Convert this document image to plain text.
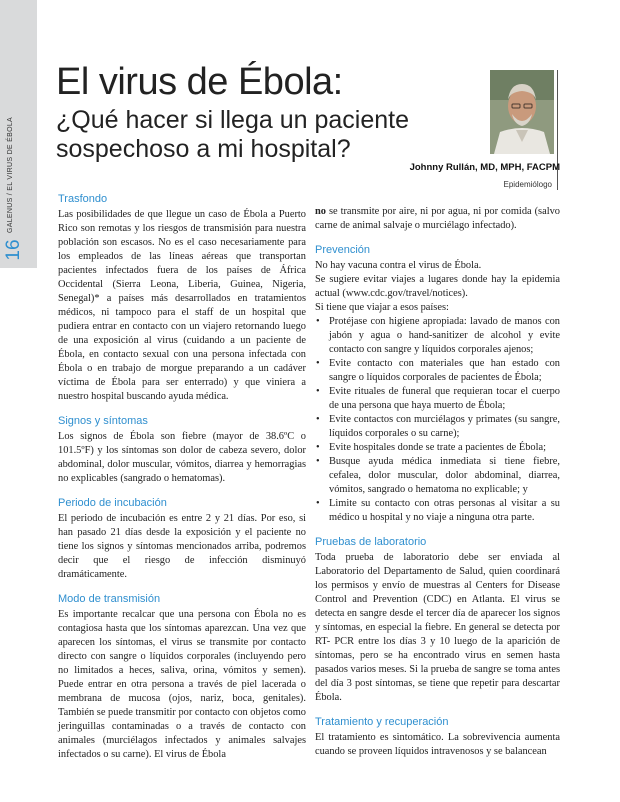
GALENUS / EL VIRUS DE ÉBOLA
16
El virus de Ébola:
¿Qué hacer si llega un paciente sospechoso a mi hospital?
Johnny Rullán, MD, MPH, FACPM
Epidemiólogo
Trasfondo

Las posibilidades de que llegue un caso de Ébola a Puerto Rico son remotas y los riesgos de transmisión para nuestra población son escasos. No es el caso necesariamente para los empleados de las líneas aéreas que transportan pacientes infectados fuera de los países de África Occidental (Sierra Leona, Liberia, Guinea, Nigeria, Senegal)* a países más desarrollados en tratamientos médicos, ni tampoco para el staff de un hospital que pudiera entrar en contacto con un viajero retornando luego de una exposición al virus (cuidando a un paciente de Ébola, en contacto sexual con una persona infectada con Ébola o en trabajo de morgue preparando a un cadáver víctima de Ébola para ser enterrado) y que viniera a nuestro hospital buscando ayuda médica.

Signos y síntomas

Los signos de Ébola son fiebre (mayor de 38.6ºC o 101.5ºF) y los síntomas son dolor de cabeza severo, dolor abdominal, dolor muscular, vómitos, diarrea y hemorragias no explicables (sangrado o hematomas).

Periodo de incubación

El periodo de incubación es entre 2 y 21 días. Por eso, si han pasado 21 días desde la exposición y el paciente no tiene los signos y síntomas mencionados arriba, podremos decir que el riesgo de infección disminuyó dramáticamente.

Modo de transmisión

Es importante recalcar que una persona con Ébola no es contagiosa hasta que los síntomas aparezcan. Una vez que aparecen los síntomas, el virus se transmite por contacto directo con sangre o líquidos corporales (incluyendo pero no limitados a heces, saliva, orina, vómitos y semen). Puede entrar en otra persona a través de piel lacerada o membrana de mucosa (ojos, nariz, boca, genitales). También se puede transmitir por contacto con objetos como jeringuillas contaminadas o a través de contacto con animales (murciélagos infectados y animales salvajes infectados o su carne). El virus de Ébola

no se transmite por aire, ni por agua, ni por comida (salvo carne de animal salvaje o murciélago infectado).

Prevención

No hay vacuna contra el virus de Ébola.

Se sugiere evitar viajes a lugares donde hay la epidemia actual (www.cdc.gov/travel/notices).

Si tiene que viajar a esos países:

• Protéjase con higiene apropiada: lavado de manos con jabón y agua o hand-sanitizer de alcohol y evite contacto con sangre y líquidos corporales ajenos;
• Evite contacto con materiales que han estado con sangre o líquidos corporales de pacientes de Ébola;
• Evite rituales de funeral que requieran tocar el cuerpo de una persona que haya muerto de Ébola;
• Evite contactos con murciélagos y primates (su sangre, líquidos corporales o su carne);
• Evite hospitales donde se trate a pacientes de Ébola;
• Busque ayuda médica inmediata si tiene fiebre, cefalea, dolor muscular, dolor abdominal, diarrea, vómitos, sangrado o hematoma no explicable; y
• Limite su contacto con otras personas al visitar a su médico u hospital y no viaje a ninguna otra parte.
Pruebas de laboratorio

Toda prueba de laboratorio debe ser enviada al Laboratorio del Departamento de Salud, quien coordinará los permisos y envío de muestras al Centers for Disease Control and Prevention (CDC) en Atlanta. El virus se detecta en sangre desde el tercer día de aparecer los signos y síntomas, en especial la fiebre. En general se detecta por RT- PCR entre los días 3 y 10 luego de la aparición de síntomas, pero se ha encontrado virus en semen hasta pasados varios meses. Si la prueba de sangre se toma antes del día 3 post síntomas, se tiene que repetir para descartar Ébola.

Tratamiento y recuperación

El tratamiento es sintomático. La sobrevivencia aumenta cuando se proveen líquidos intravenosos y se balancean
